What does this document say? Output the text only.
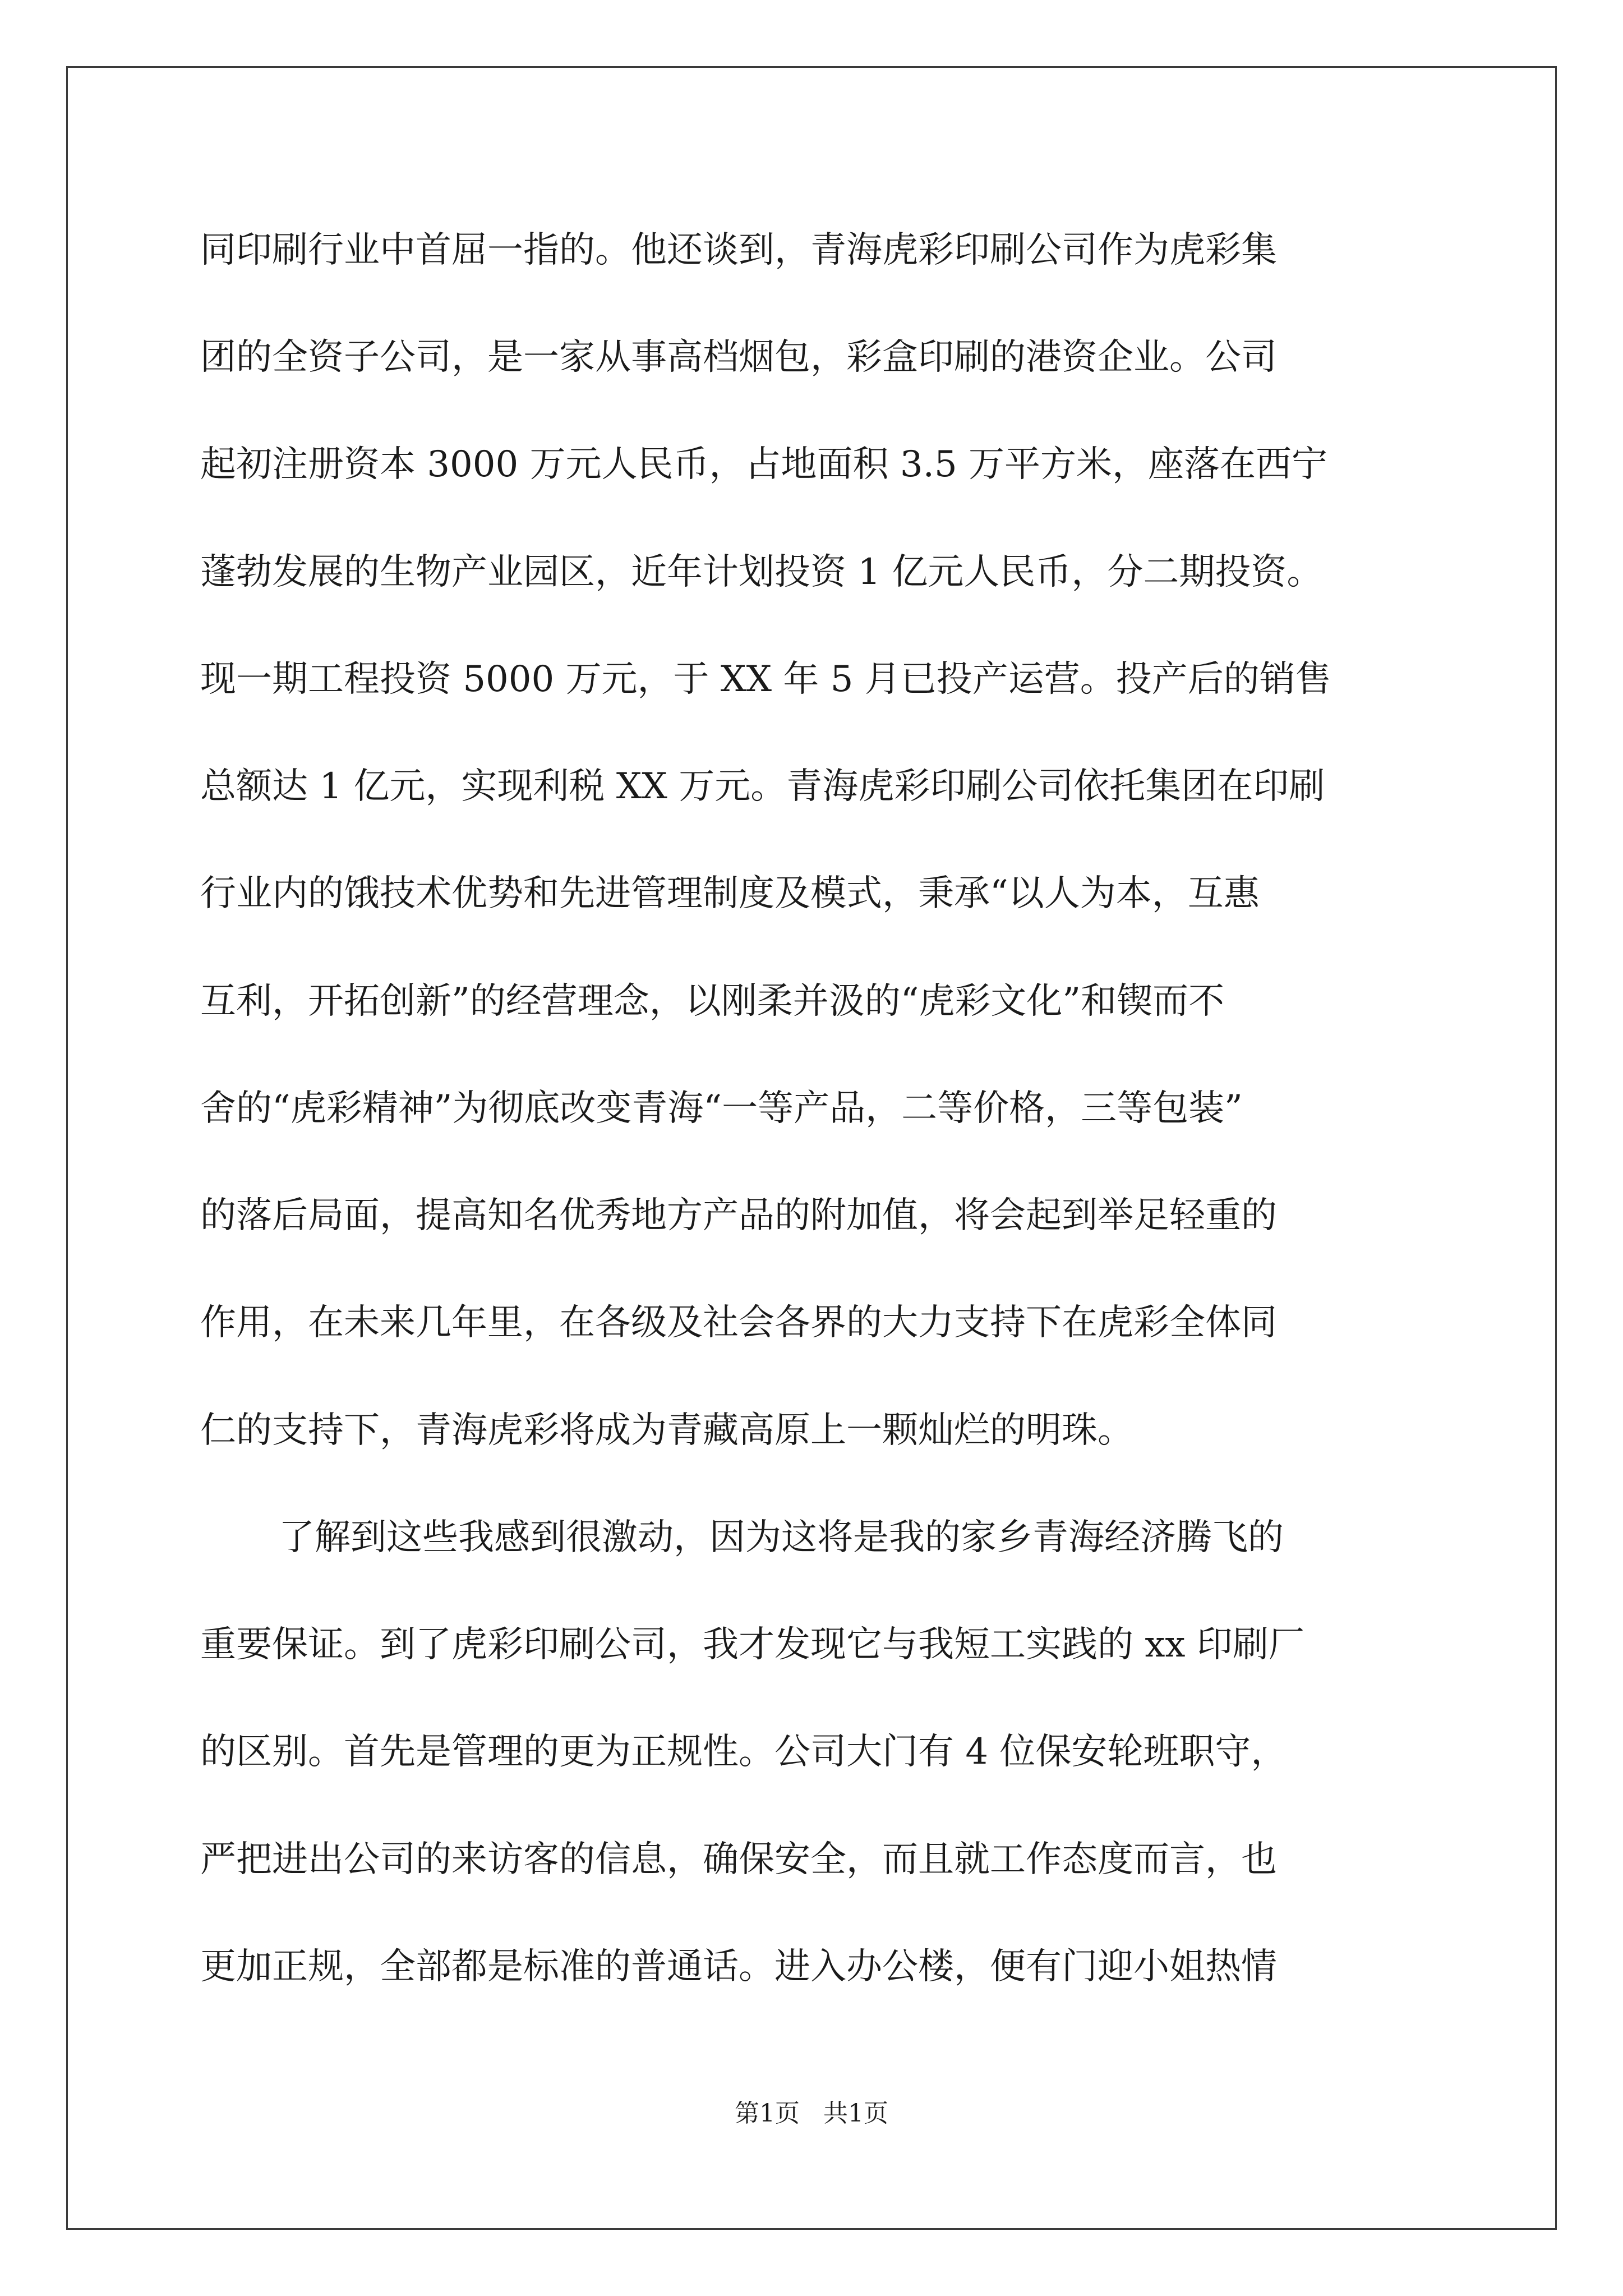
同印刷行业中首屈一指的。他还谈到，青海虎彩印刷公司作为虎彩集
团的全资子公司，是一家从事高档烟包，彩盒印刷的港资企业。公司
起初注册资本 3000 万元人民币，占地面积 3.5 万平方米，座落在西宁
蓬勃发展的生物产业园区，近年计划投资 1 亿元人民币，分二期投资。
现一期工程投资 5000 万元，于 XX 年 5 月已投产运营。投产后的销售
总额达 1 亿元，实现利税 XX 万元。青海虎彩印刷公司依托集团在印刷
行业内的饿技术优势和先进管理制度及模式，秉承“以人为本，互惠
互利，开拓创新”的经营理念，以刚柔并汲的“虎彩文化”和锲而不
舍的“虎彩精神”为彻底改变青海“一等产品，二等价格，三等包装”
的落后局面，提高知名优秀地方产品的附加值，将会起到举足轻重的
作用，在未来几年里，在各级及社会各界的大力支持下在虎彩全体同
仁的支持下，青海虎彩将成为青藏高原上一颗灿烂的明珠。
了解到这些我感到很激动，因为这将是我的家乡青海经济腾飞的
重要保证。到了虎彩印刷公司，我才发现它与我短工实践的 xx 印刷厂
的区别。首先是管理的更为正规性。公司大门有 4 位保安轮班职守，
严把进出公司的来访客的信息，确保安全，而且就工作态度而言，也
更加正规，全部都是标准的普通话。进入办公楼，便有门迎小姐热情
第1页   共1页
